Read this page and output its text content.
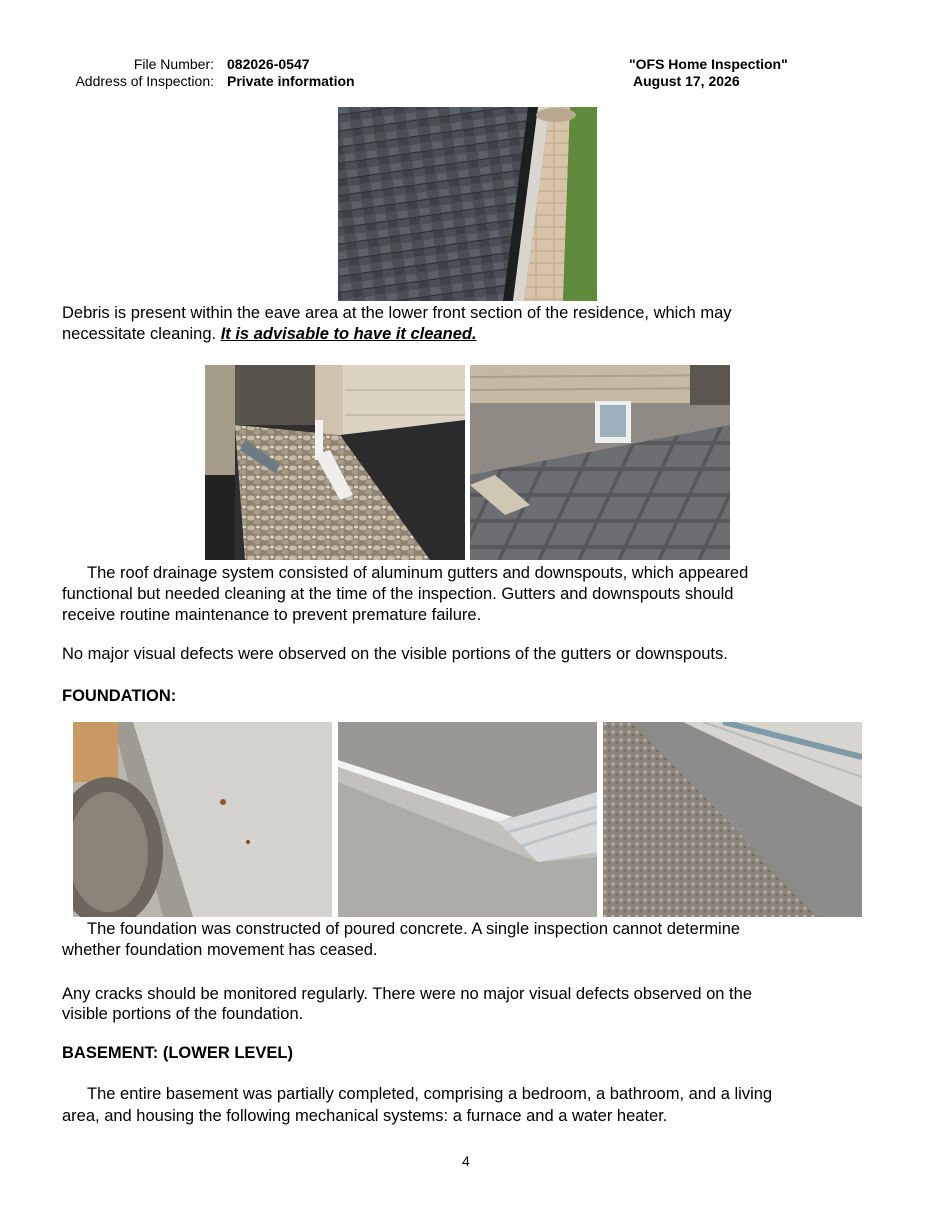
File Number: 082026-0547
Address of Inspection: Private information
"OFS Home Inspection"
August 17, 2026
Debris is present within the eave area at the lower front section of the residence, which may
necessitate cleaning. It is advisable to have it cleaned.
The roof drainage system consisted of aluminum gutters and downspouts, which appeared
functional but needed cleaning at the time of the inspection. Gutters and downspouts should
receive routine maintenance to prevent premature failure.
No major visual defects were observed on the visible portions of the gutters or downspouts.
FOUNDATION:
The foundation was constructed of poured concrete. A single inspection cannot determine
whether foundation movement has ceased.
Any cracks should be monitored regularly. There were no major visual defects observed on the
visible portions of the foundation.
BASEMENT: (LOWER LEVEL)
The entire basement was partially completed, comprising a bedroom, a bathroom, and a living
area, and housing the following mechanical systems: a furnace and a water heater.
4
